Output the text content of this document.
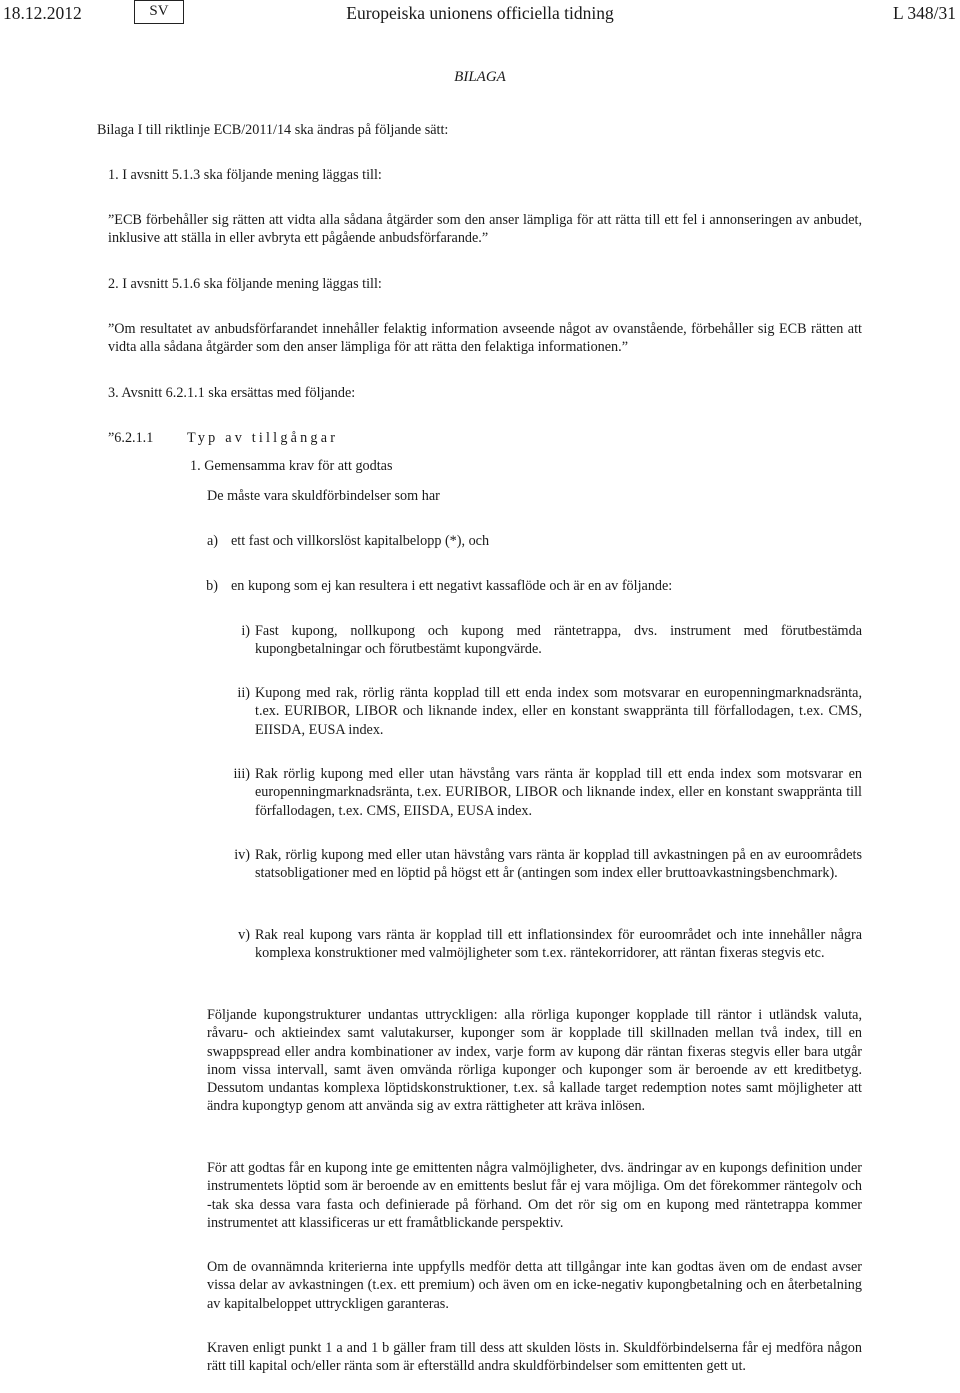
18.12.2012	SV	Europeiska unionens officiella tidning	L 348/31
BILAGA

Bilaga I till riktlinje ECB/2011/14 ska ändras på följande sätt:

1. I avsnitt 5.1.3 ska följande mening läggas till:

”ECB förbehåller sig rätten att vidta alla sådana åtgärder som den anser lämpliga för att rätta till ett fel i annonseringen av anbudet, inklusive att ställa in eller avbryta ett pågående anbudsförfarande.”

2. I avsnitt 5.1.6 ska följande mening läggas till:

”Om resultatet av anbudsförfarandet innehåller felaktig information avseende något av ovanstående, förbehåller sig ECB rätten att vidta alla sådana åtgärder som den anser lämpliga för att rätta den felaktiga informationen.”

3. Avsnitt 6.2.1.1 ska ersättas med följande:

”6.2.1.1 Typ av tillgångar

1. Gemensamma krav för att godtas

De måste vara skuldförbindelser som har

a) ett fast och villkorslöst kapitalbelopp (*), och

b) en kupong som ej kan resultera i ett negativt kassaflöde och är en av följande:

i) Fast kupong, nollkupong och kupong med räntetrappa, dvs. instrument med förutbestämda kupongbetalningar och förutbestämt kupongvärde.

ii) Kupong med rak, rörlig ränta kopplad till ett enda index som motsvarar en europenningmarknadsränta, t.ex. EURIBOR, LIBOR och liknande index, eller en konstant swappränta till förfallodagen, t.ex. CMS, EIISDA, EUSA index.

iii) Rak rörlig kupong med eller utan hävstång vars ränta är kopplad till ett enda index som motsvarar en europenningmarknadsränta, t.ex. EURIBOR, LIBOR och liknande index, eller en konstant swappränta till förfallodagen, t.ex. CMS, EIISDA, EUSA index.

iv) Rak, rörlig kupong med eller utan hävstång vars ränta är kopplad till avkastningen på en av euroområdets statsobligationer med en löptid på högst ett år (antingen som index eller bruttoavkastningsbenchmark).

v) Rak real kupong vars ränta är kopplad till ett inflationsindex för euroområdet och inte innehåller några komplexa konstruktioner med valmöjligheter som t.ex. räntekorridorer, att räntan fixeras stegvis etc.

Följande kupongstrukturer undantas uttryckligen: alla rörliga kuponger kopplade till räntor i utländsk valuta, råvaru- och aktieindex samt valutakurser, kuponger som är kopplade till skillnaden mellan två index, till en swappspread eller andra kombinationer av index, varje form av kupong där räntan fixeras stegvis eller bara utgår inom vissa intervall, samt även omvända rörliga kuponger och kuponger som är beroende av ett kreditbetyg. Dessutom undantas komplexa löptidskonstruktioner, t.ex. så kallade target redemption notes samt möjligheter att ändra kupongtyp genom att använda sig av extra rättigheter att kräva inlösen.

För att godtas får en kupong inte ge emittenten några valmöjligheter, dvs. ändringar av en kupongs definition under instrumentets löptid som är beroende av en emittents beslut får ej vara möjliga. Om det förekommer räntegolv och -tak ska dessa vara fasta och definierade på förhand. Om det rör sig om en kupong med räntetrappa kommer instrumentet att klassificeras ur ett framåtblickande perspektiv.

Om de ovannämnda kriterierna inte uppfylls medför detta att tillgångar inte kan godtas även om de endast avser vissa delar av avkastningen (t.ex. ett premium) och även om en icke-negativ kupongbetalning och en återbetalning av kapitalbeloppet uttryckligen garanteras.

Kraven enligt punkt 1 a and 1 b gäller fram till dess att skulden lösts in. Skuldförbindelserna får ej medföra någon rätt till kapital och/eller ränta som är efterställd andra skuldförbindelser som emittenten gett ut.
